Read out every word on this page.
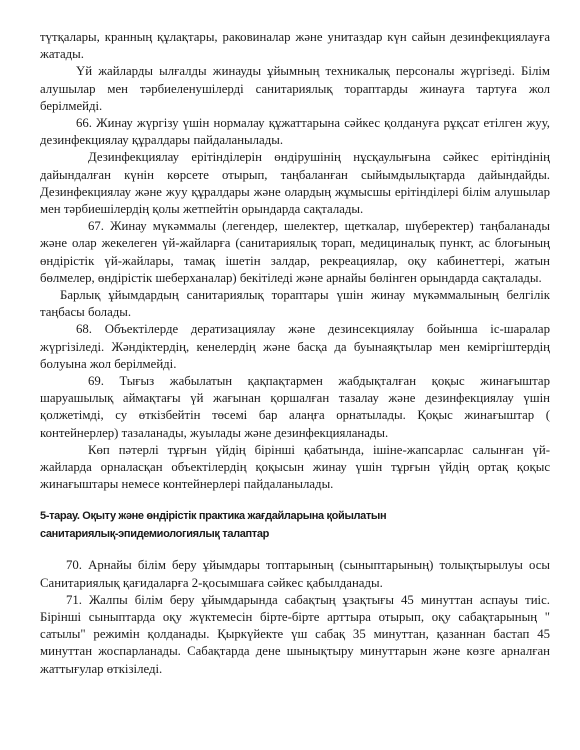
түтқалары, кранның құлақтары, раковиналар және унитаздар күн сайын дезинфекциялауға жатады.

Үй жайларды ылғалды жинауды ұйымның техникалық персоналы жүргізеді. Білім алушылар мен тәрбиеленушілерді санитариялық тораптарды жинауға тартуға жол берілмейді.

66. Жинау жүргізу үшін нормалау құжаттарына сәйкес қолдануға рұқсат етілген жуу, дезинфекциялау құралдары пайдаланылады.

Дезинфекциялау ерітінділерін өндірушінің нұсқаулығына сәйкес ерітіндінің дайындалған күнін көрсете отырып, таңбаланған сыйымдылықтарда дайындайды. Дезинфекциялау және жуу құралдары және олардың жұмысшы ерітінділері білім алушылар мен тәрбиешілердің қолы жетпейтін орындарда сақталады.

67. Жинау мүкәммалы (легендер, шелектер, щеткалар, шүберектер) таңбаланады және олар жекелеген үй-жайларға (санитариялық торап, медициналық пункт, ас блоғының өндірістік үй-жайлары, тамақ ішетін залдар, рекреациялар, оқу кабинеттері, жатын бөлмелер, өндірістік шеберханалар) бекітіледі және арнайы бөлінген орындарда сақталады.

Барлық ұйымдардың санитариялық тораптары үшін жинау мүкәммалының белгілік таңбасы болады.

68. Объектілерде дератизациялау және дезинсекциялау бойынша іс-шаралар жүргізіледі. Жәндіктердің, кенелердің және басқа да буынаяқтылар мен кеміргіштердің болуына жол берілмейді.

69. Тығыз жабылатын қақпақтармен жабдықталған қоқыс жинағыштар шаруашылық аймақтағы үй жағынан қоршалған тазалау және дезинфекциялау үшін қолжетімді, су өткізбейтін төсемі бар алаңға орнатылады. Қоқыс жинағыштар ( контейнерлер) тазаланады, жуылады және дезинфекцияланады.

Көп пәтерлі тұрғын үйдің бірінші қабатында, ішіне-жапсарлас салынған үй-жайларда орналасқан объектілердің қоқысын жинау үшін тұрғын үйдің ортақ қоқыс жинағыштары немесе контейнерлері пайдаланылады.

5-тарау. Оқыту және өндірістік практика жағдайларына қойылатын
санитариялық-эпидемиологиялық талаптар

70. Арнайы білім беру ұйымдары топтарының (сыныптарының) толықтырылуы осы Санитариялық қағидаларға 2-қосымшаға сәйкес қабылданады.

71. Жалпы білім беру ұйымдарында сабақтың ұзақтығы 45 минуттан аспауы тиіс. Бірінші сыныптарда оқу жүктемесін бірте-бірте арттыра отырып, оқу сабақтарының " сатылы" режимін қолданады. Қыркүйекте үш сабақ 35 минуттан, қазаннан бастап 45 минуттан жоспарланады. Сабақтарда дене шынықтыру минуттарын және көзге арналған жаттығулар өткізіледі.
